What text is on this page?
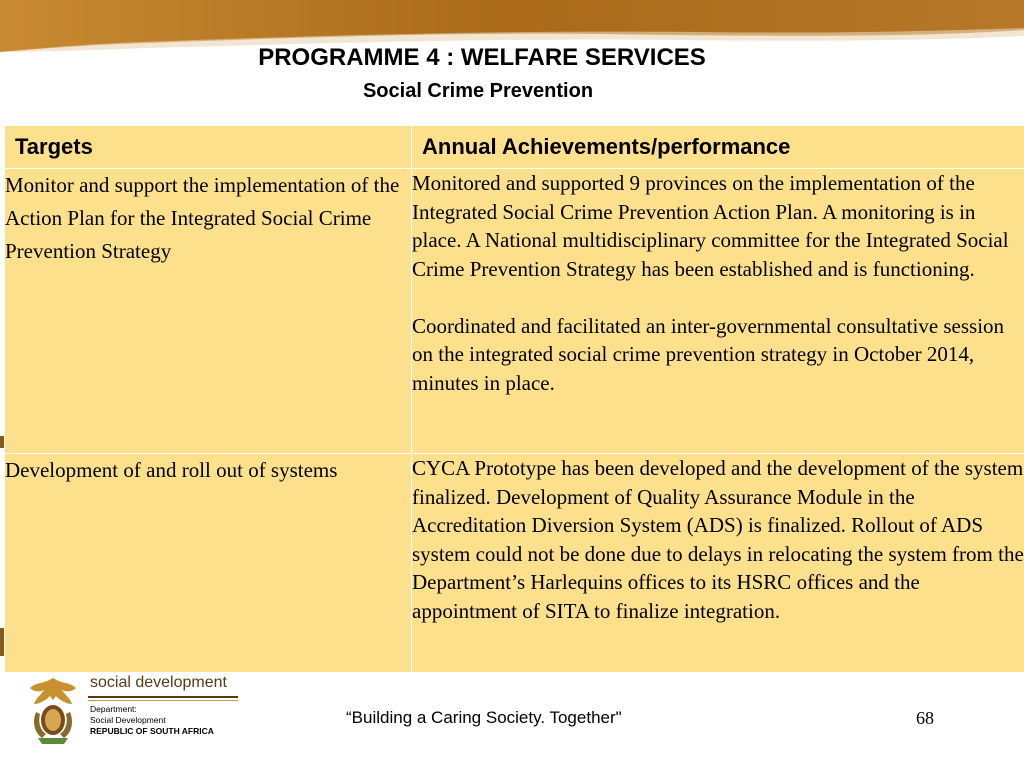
PROGRAMME 4 : WELFARE SERVICES
Social Crime Prevention
Targets	Annual Achievements/performance

Monitor and support the implementation of the Action Plan for the Integrated Social Crime Prevention Strategy	Monitored and supported 9 provinces on the implementation of the Integrated Social Crime Prevention Action Plan. A monitoring is in place. A National multidisciplinary committee for the Integrated Social Crime Prevention Strategy has been established and is functioning.

Coordinated and facilitated an inter-governmental consultative session on the integrated social crime prevention strategy in October 2014, minutes in place.

Development of and roll out of systems	CYCA Prototype has been developed and the development of the system finalized. Development of Quality Assurance Module in the Accreditation Diversion System (ADS) is finalized. Rollout of ADS system could not be done due to delays in relocating the system from the Department’s Harlequins offices to its HSRC offices and the appointment of SITA to finalize integration.

social development
Department:
Social Development
REPUBLIC OF SOUTH AFRICA
“Building a Caring Society. Together"	68
